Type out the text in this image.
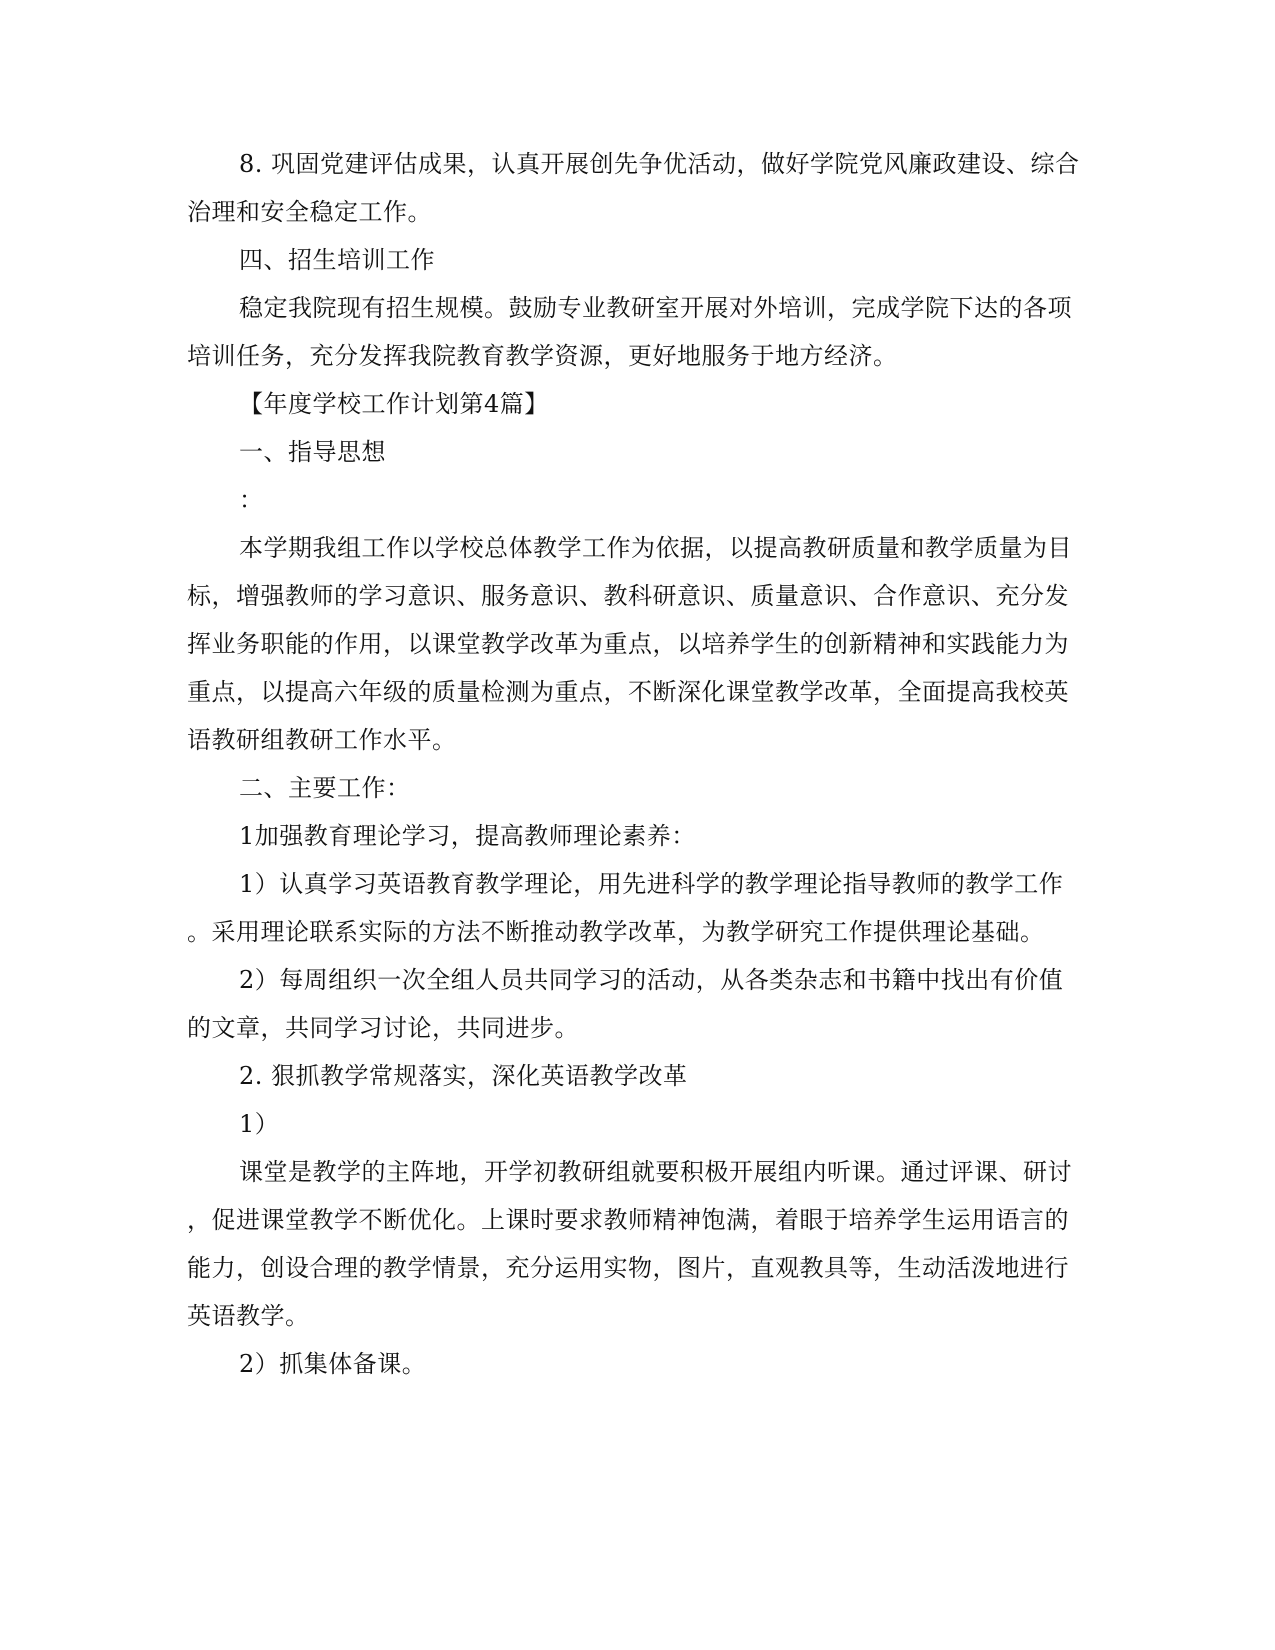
8. 巩固党建评估成果，认真开展创先争优活动，做好学院党风廉政建设、综合
治理和安全稳定工作。
四、招生培训工作
稳定我院现有招生规模。鼓励专业教研室开展对外培训，完成学院下达的各项
培训任务，充分发挥我院教育教学资源，更好地服务于地方经济。
【年度学校工作计划第4篇】
一、指导思想
：
本学期我组工作以学校总体教学工作为依据，以提高教研质量和教学质量为目
标，增强教师的学习意识、服务意识、教科研意识、质量意识、合作意识、充分发
挥业务职能的作用，以课堂教学改革为重点，以培养学生的创新精神和实践能力为
重点，以提高六年级的质量检测为重点，不断深化课堂教学改革，全面提高我校英
语教研组教研工作水平。
二、主要工作：
1加强教育理论学习，提高教师理论素养：
1）认真学习英语教育教学理论，用先进科学的教学理论指导教师的教学工作
。采用理论联系实际的方法不断推动教学改革，为教学研究工作提供理论基础。
2）每周组织一次全组人员共同学习的活动，从各类杂志和书籍中找出有价值
的文章，共同学习讨论，共同进步。
2. 狠抓教学常规落实，深化英语教学改革
1）
课堂是教学的主阵地，开学初教研组就要积极开展组内听课。通过评课、研讨
，促进课堂教学不断优化。上课时要求教师精神饱满，着眼于培养学生运用语言的
能力，创设合理的教学情景，充分运用实物，图片，直观教具等，生动活泼地进行
英语教学。
2）抓集体备课。
